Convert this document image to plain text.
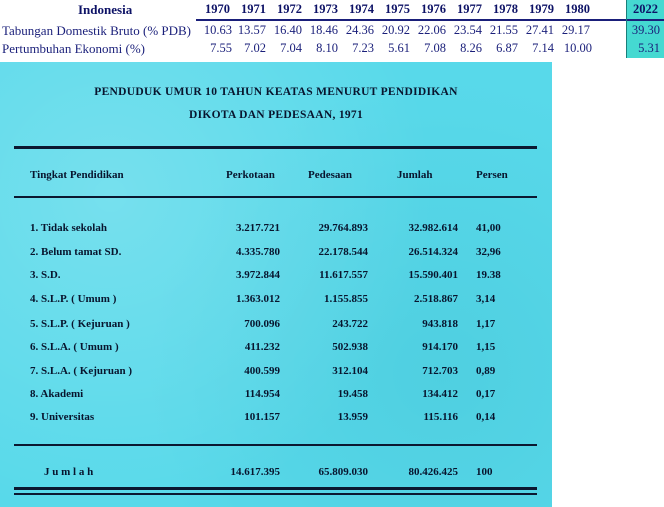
Indonesia	1970 1971 1972 1973 1974 1975 1976 1977 1978 1979 1980	2022
Tabungan Domestik Bruto (% PDB)	10.63 13.57 16.40 18.46 24.36 20.92 22.06 23.54 21.55 27.41 29.17	39.30
Pertumbuhan Ekonomi (%)	7.55 7.02	7.04	8.10	7.23	5.61	7.08	8.26	6.87	7.14 10.00	5.31
PENDUDUK UMUR 10 TAHUN KEATAS MENURUT PENDIDIKAN
DIKOTA DAN PEDESAAN, 1971
Tingkat Pendidikan	Perkotaan	Pedesaan	Jumlah	Persen
1. Tidak sekolah	3.217.721	29.764.893	32.982.614 41,00
2. Belum tamat SD.	4.335.780	22.178.544	26.514.324 32,96
3. S.D.	3.972.844	11.617.557	15.590.401 19.38
4. S.L.P. ( Umum )	1.363.012	1.155.855	2.518.867 3,14
5. S.L.P. ( Kejuruan )	700.096	243.722	943.818 1,17
6. S.L.A. ( Umum )	411.232	502.938	914.170 1,15
7. S.L.A. ( Kejuruan )	400.599	312.104	712.703 0,89
8. Akademi	114.954	19.458	134.412 0,17
9. Universitas	101.157	13.959	115.116 0,14
J u m l a h	14.617.395	65.809.030	80.426.425 100
